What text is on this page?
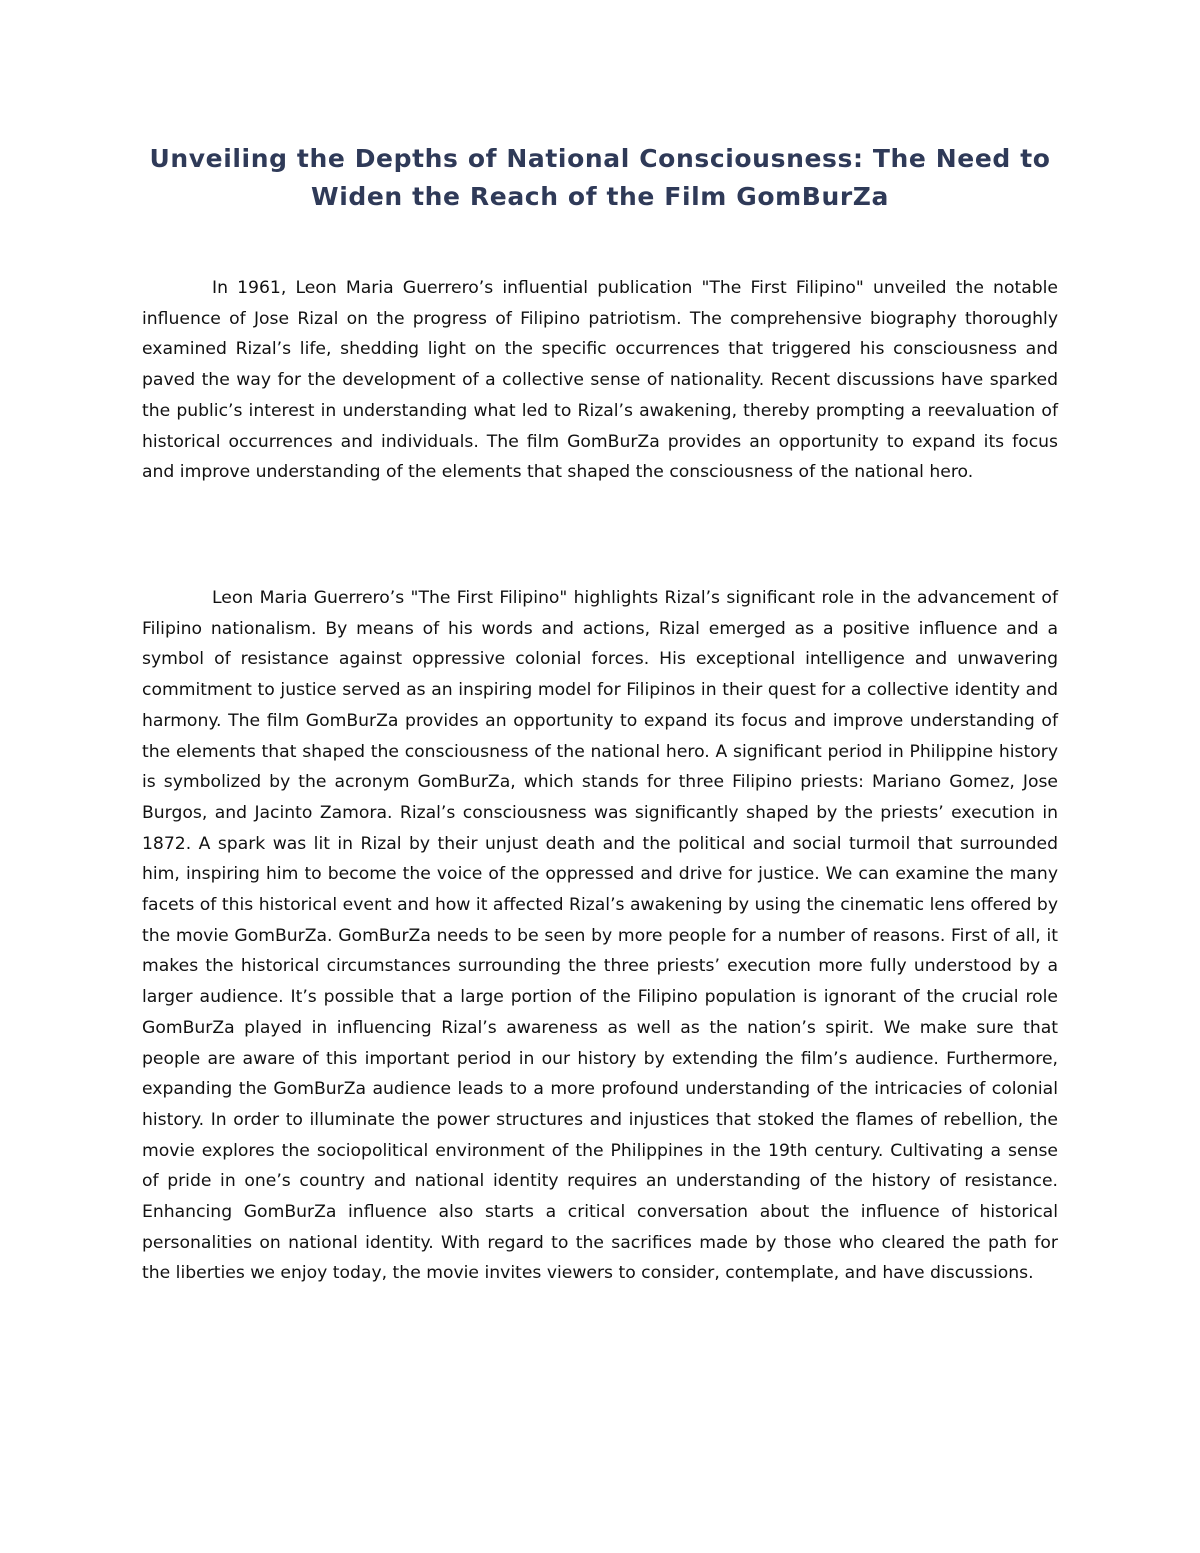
Unveiling the Depths of National Consciousness: The Need to Widen the Reach of the Film GomBurZa

In 1961, Leon Maria Guerrero’s influential publication "The First Filipino" unveiled the notable influence of Jose Rizal on the progress of Filipino patriotism. The comprehensive biography thoroughly examined Rizal’s life, shedding light on the specific occurrences that triggered his consciousness and paved the way for the development of a collective sense of nationality. Recent discussions have sparked the public’s interest in understanding what led to Rizal’s awakening, thereby prompting a reevaluation of historical occurrences and individuals. The film GomBurZa provides an opportunity to expand its focus and improve understanding of the elements that shaped the consciousness of the national hero.

Leon Maria Guerrero’s "The First Filipino" highlights Rizal’s significant role in the advancement of Filipino nationalism. By means of his words and actions, Rizal emerged as a positive influence and a symbol of resistance against oppressive colonial forces. His exceptional intelligence and unwavering commitment to justice served as an inspiring model for Filipinos in their quest for a collective identity and harmony. The film GomBurZa provides an opportunity to expand its focus and improve understanding of the elements that shaped the consciousness of the national hero. A significant period in Philippine history is symbolized by the acronym GomBurZa, which stands for three Filipino priests: Mariano Gomez, Jose Burgos, and Jacinto Zamora. Rizal’s consciousness was significantly shaped by the priests’ execution in 1872. A spark was lit in Rizal by their unjust death and the political and social turmoil that surrounded him, inspiring him to become the voice of the oppressed and drive for justice. We can examine the many facets of this historical event and how it affected Rizal’s awakening by using the cinematic lens offered by the movie GomBurZa. GomBurZa needs to be seen by more people for a number of reasons. First of all, it makes the historical circumstances surrounding the three priests’ execution more fully understood by a larger audience. It’s possible that a large portion of the Filipino population is ignorant of the crucial role GomBurZa played in influencing Rizal’s awareness as well as the nation’s spirit. We make sure that people are aware of this important period in our history by extending the film’s audience. Furthermore, expanding the GomBurZa audience leads to a more profound understanding of the intricacies of colonial history. In order to illuminate the power structures and injustices that stoked the flames of rebellion, the movie explores the sociopolitical environment of the Philippines in the 19th century. Cultivating a sense of pride in one’s country and national identity requires an understanding of the history of resistance. Enhancing GomBurZa influence also starts a critical conversation about the influence of historical personalities on national identity. With regard to the sacrifices made by those who cleared the path for the liberties we enjoy today, the movie invites viewers to consider, contemplate, and have discussions.
